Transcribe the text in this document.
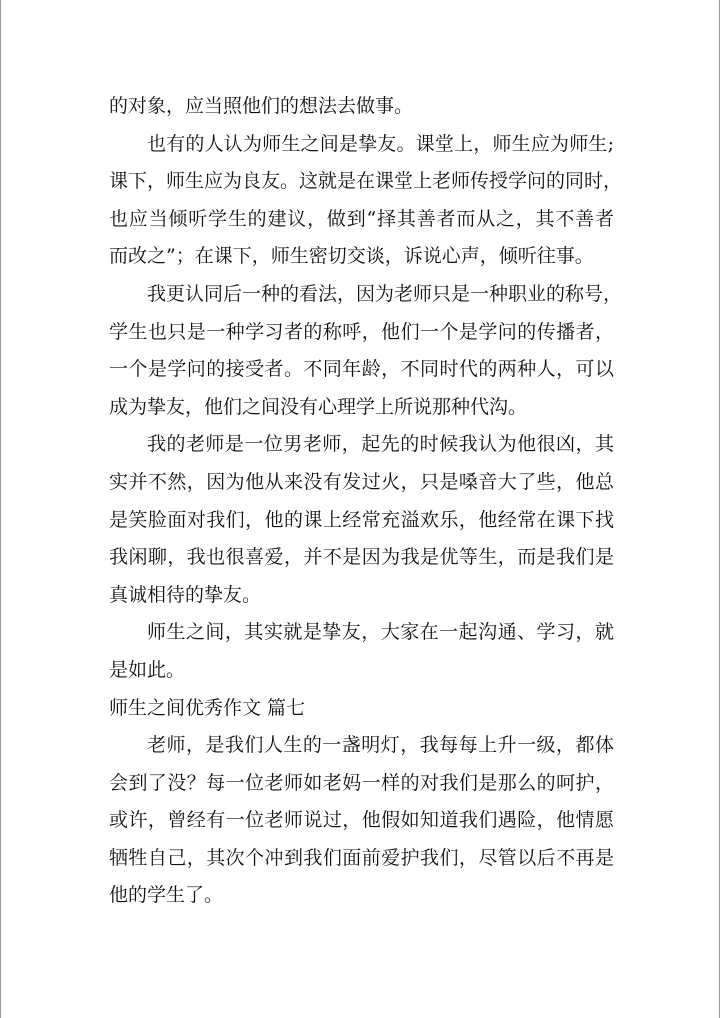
的对象，应当照他们的想法去做事。
也有的人认为师生之间是挚友。课堂上，师生应为师生;
课下，师生应为良友。这就是在课堂上老师传授学问的同时，
也应当倾听学生的建议，做到“择其善者而从之，其不善者
而改之”；在课下，师生密切交谈，诉说心声，倾听往事。
我更认同后一种的看法，因为老师只是一种职业的称号，
学生也只是一种学习者的称呼，他们一个是学问的传播者，
一个是学问的接受者。不同年龄，不同时代的两种人，可以
成为挚友，他们之间没有心理学上所说那种代沟。
我的老师是一位男老师，起先的时候我认为他很凶，其
实并不然，因为他从来没有发过火，只是嗓音大了些，他总
是笑脸面对我们，他的课上经常充溢欢乐，他经常在课下找
我闲聊，我也很喜爱，并不是因为我是优等生，而是我们是
真诚相待的挚友。
师生之间，其实就是挚友，大家在一起沟通、学习，就
是如此。
师生之间优秀作文 篇七
老师，是我们人生的一盏明灯，我每每上升一级，都体
会到了没？每一位老师如老妈一样的对我们是那么的呵护，
或许，曾经有一位老师说过，他假如知道我们遇险，他情愿
牺牲自己，其次个冲到我们面前爱护我们，尽管以后不再是
他的学生了。
